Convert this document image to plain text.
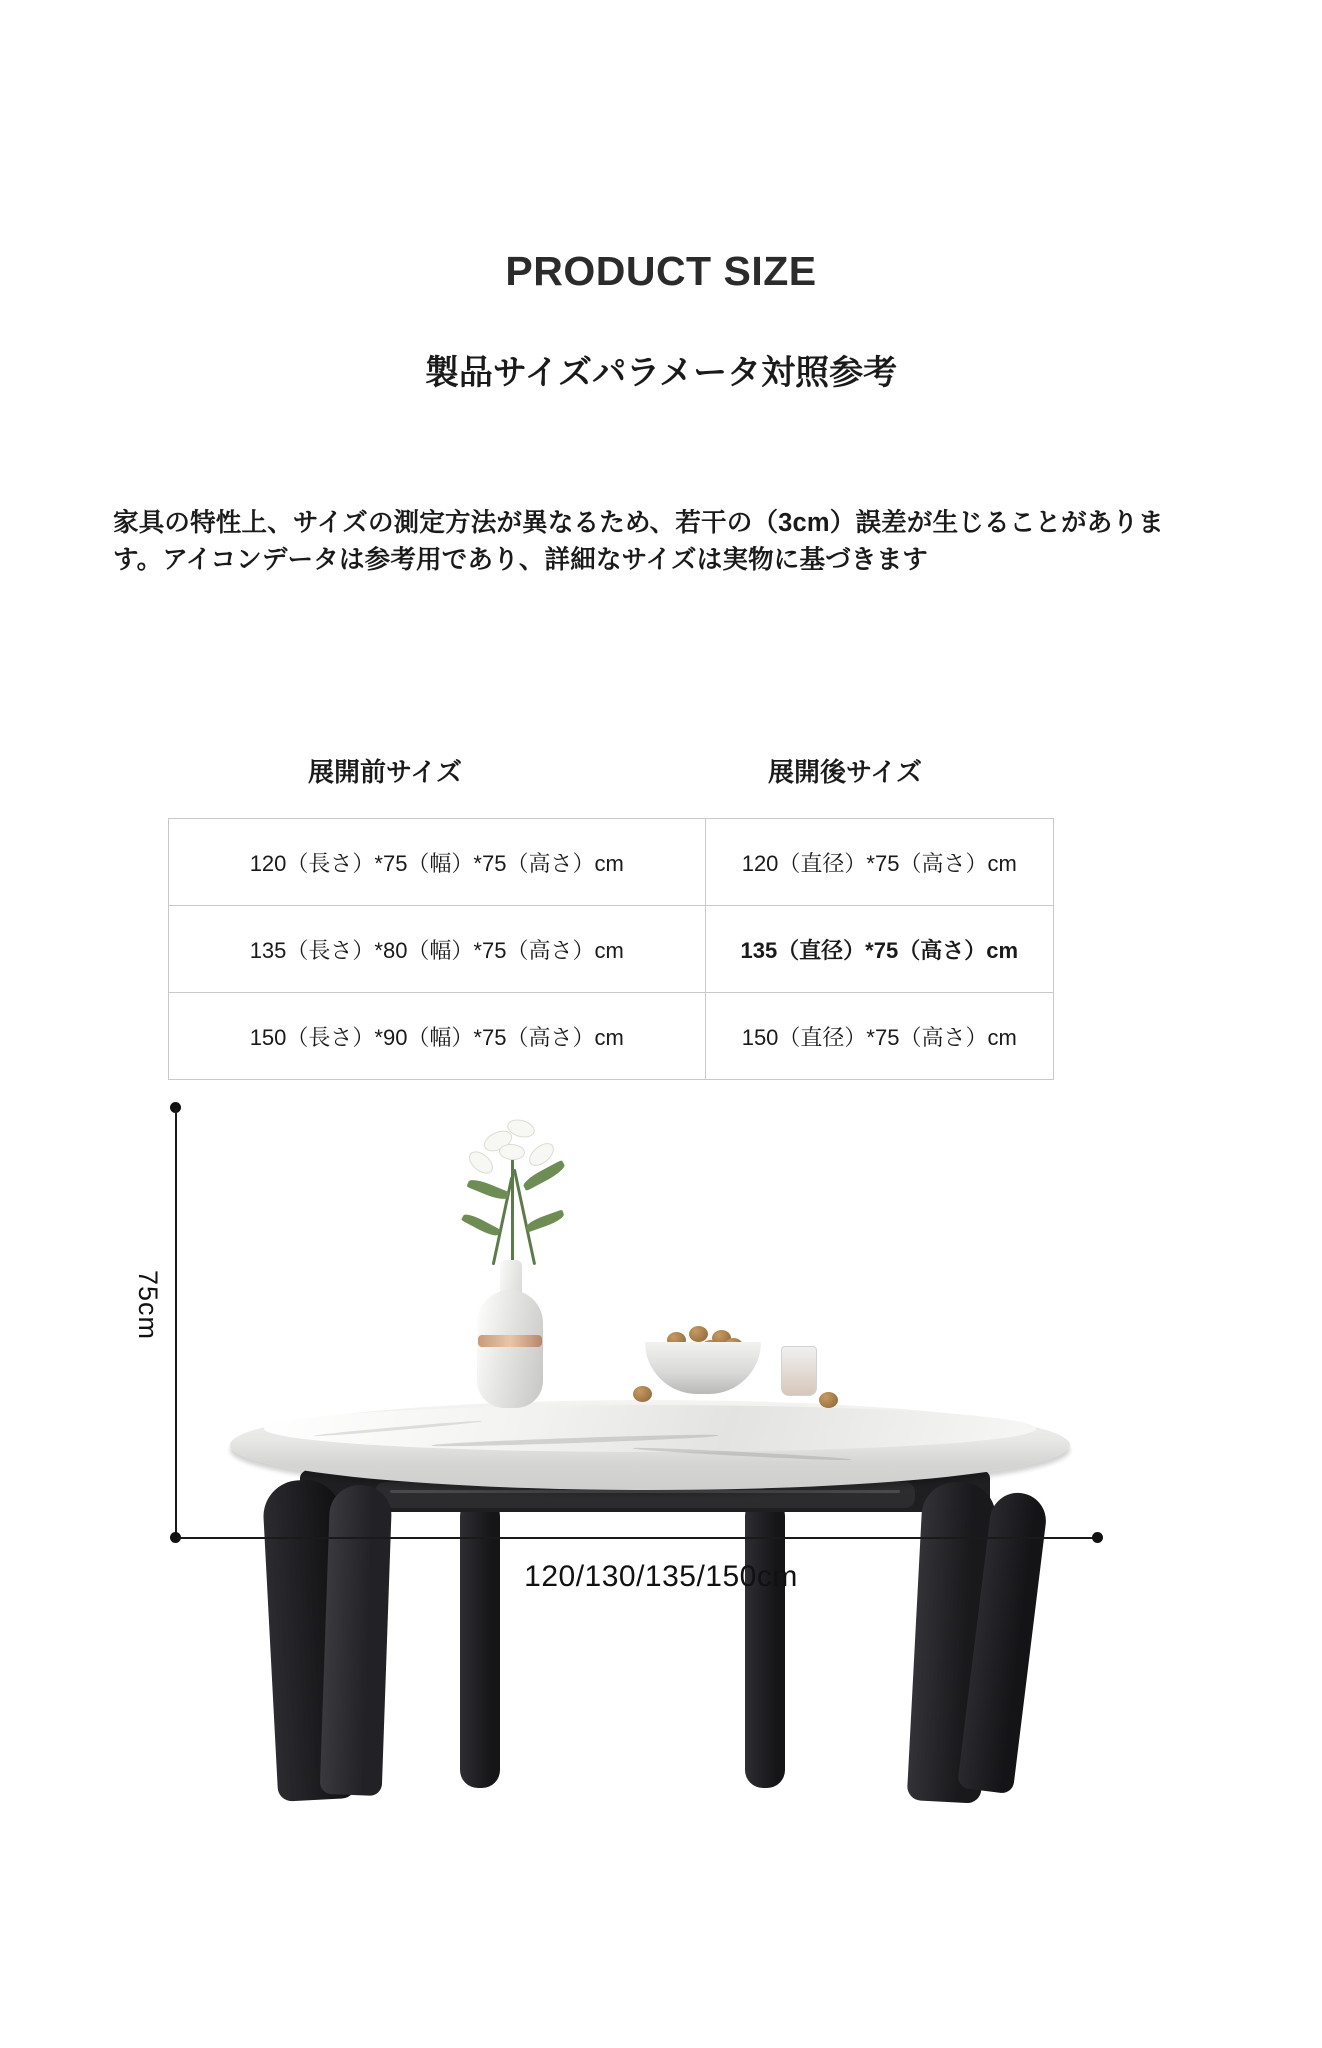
PRODUCT SIZE
製品サイズパラメータ対照参考
家具の特性上、サイズの測定方法が異なるため、若干の（3cm）誤差が生じることがあります。アイコンデータは参考用であり、詳細なサイズは実物に基づきます
展開前サイズ	展開後サイズ
120（長さ）*75（幅）*75（高さ）cm	120（直径）*75（高さ）cm
135（長さ）*80（幅）*75（高さ）cm	135（直径）*75（高さ）cm
150（長さ）*90（幅）*75（高さ）cm	150（直径）*75（高さ）cm
75cm
120/130/135/150cm
